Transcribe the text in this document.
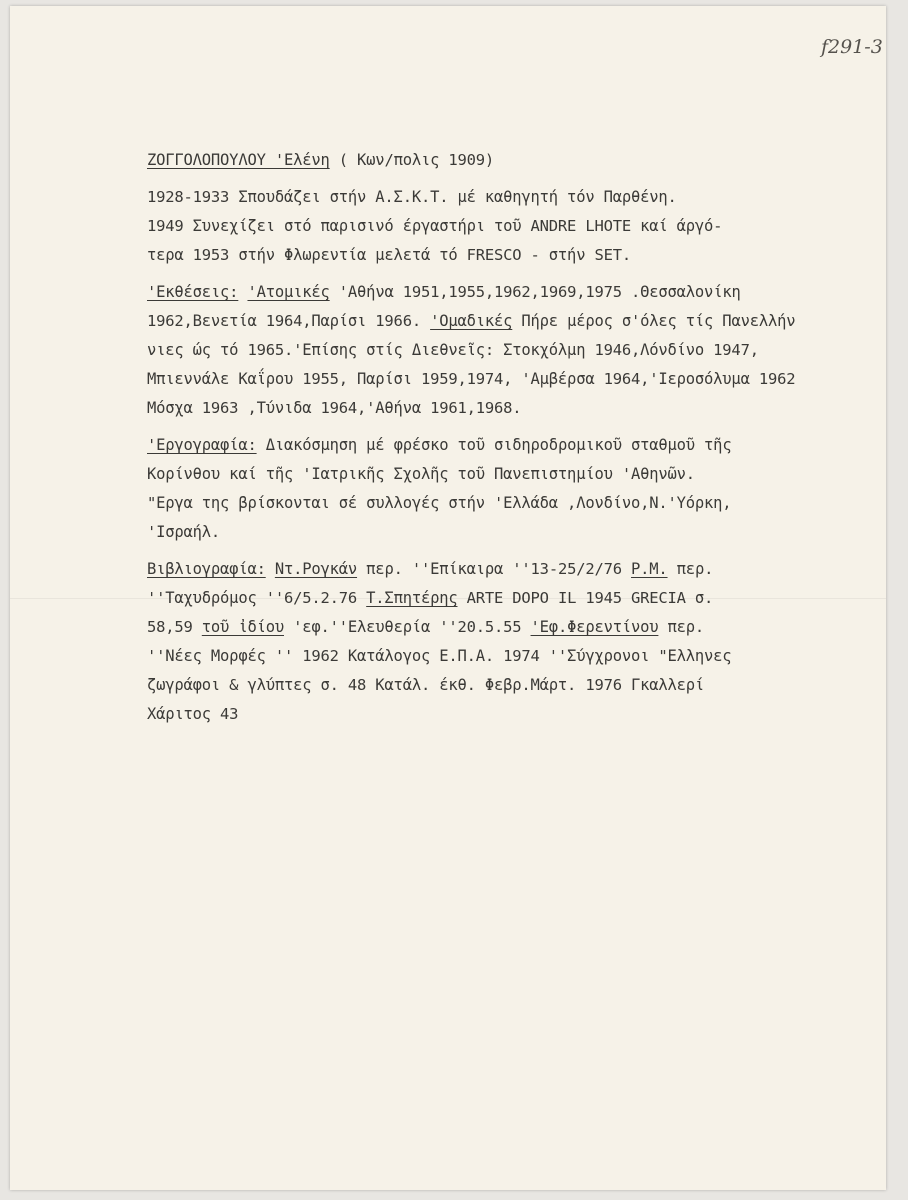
f291-3
ΖΟΓΓΟΛΟΠΟΥΛΟΥ 'Ελένη ( Κων/πολις 1909)
1928-1933 Σπουδάζει στήν Α.Σ.Κ.Τ. μέ καθηγητή τόν Παρθένη.
1949 Συνεχίζει στό παρισινό έργαστήρι τοῦ ANDRE LHOTE καί άργό-
τερα 1953 στήν Φλωρεντία μελετά τό FRESCO - στήν SET.
'Εκθέσεις: 'Ατομικές 'Αθήνα 1951,1955,1962,1969,1975 .Θεσσαλονίκη
1962,Βενετία 1964,Παρίσι 1966. 'Ομαδικές Πήρε μέρος σ'όλες τίς Πανελλήν
νιες ώς τό 1965.'Επίσης στίς Διεθνεῖς: Στοκχόλμη 1946,Λόνδίνο 1947,
Μπιεννάλε Καΐρου 1955, Παρίσι 1959,1974, 'Αμβέρσα 1964,'Ιεροσόλυμα 1962
Μόσχα 1963 ,Τύνιδα 1964,'Αθήνα 1961,1968.
'Εργογραφία: Διακόσμηση μέ φρέσκο τοῦ σιδηροδρομικοῦ σταθμοῦ τῆς
Κορίνθου καί τῆς 'Ιατρικῆς Σχολῆς τοῦ Πανεπιστημίου 'Αθηνῶν.
"Εργα της βρίσκονται σέ συλλογές στήν 'Ελλάδα ,Λονδίνο,Ν.'Υόρκη,
'Ισραήλ.
Βιβλιογραφία: Ντ.Ρογκάν περ. ''Επίκαιρα ''13-25/2/76 Ρ.Μ. περ.
''Ταχυδρόμος ''6/5.2.76 Τ.Σπητέρης ARTE DOPO IL 1945 GRECIA σ.
58,59 τοῦ ἰδίου 'εφ.''Ελευθερία ''20.5.55 'Εφ.Φερεντίνου περ.
''Νέες Μορφές '' 1962 Κατάλογος Ε.Π.Α. 1974 ''Σύγχρονοι "Ελληνες
ζωγράφοι & γλύπτες σ. 48 Κατάλ. έκθ. Φεβρ.Μάρτ. 1976 Γκαλλερί
Χάριτος 43
